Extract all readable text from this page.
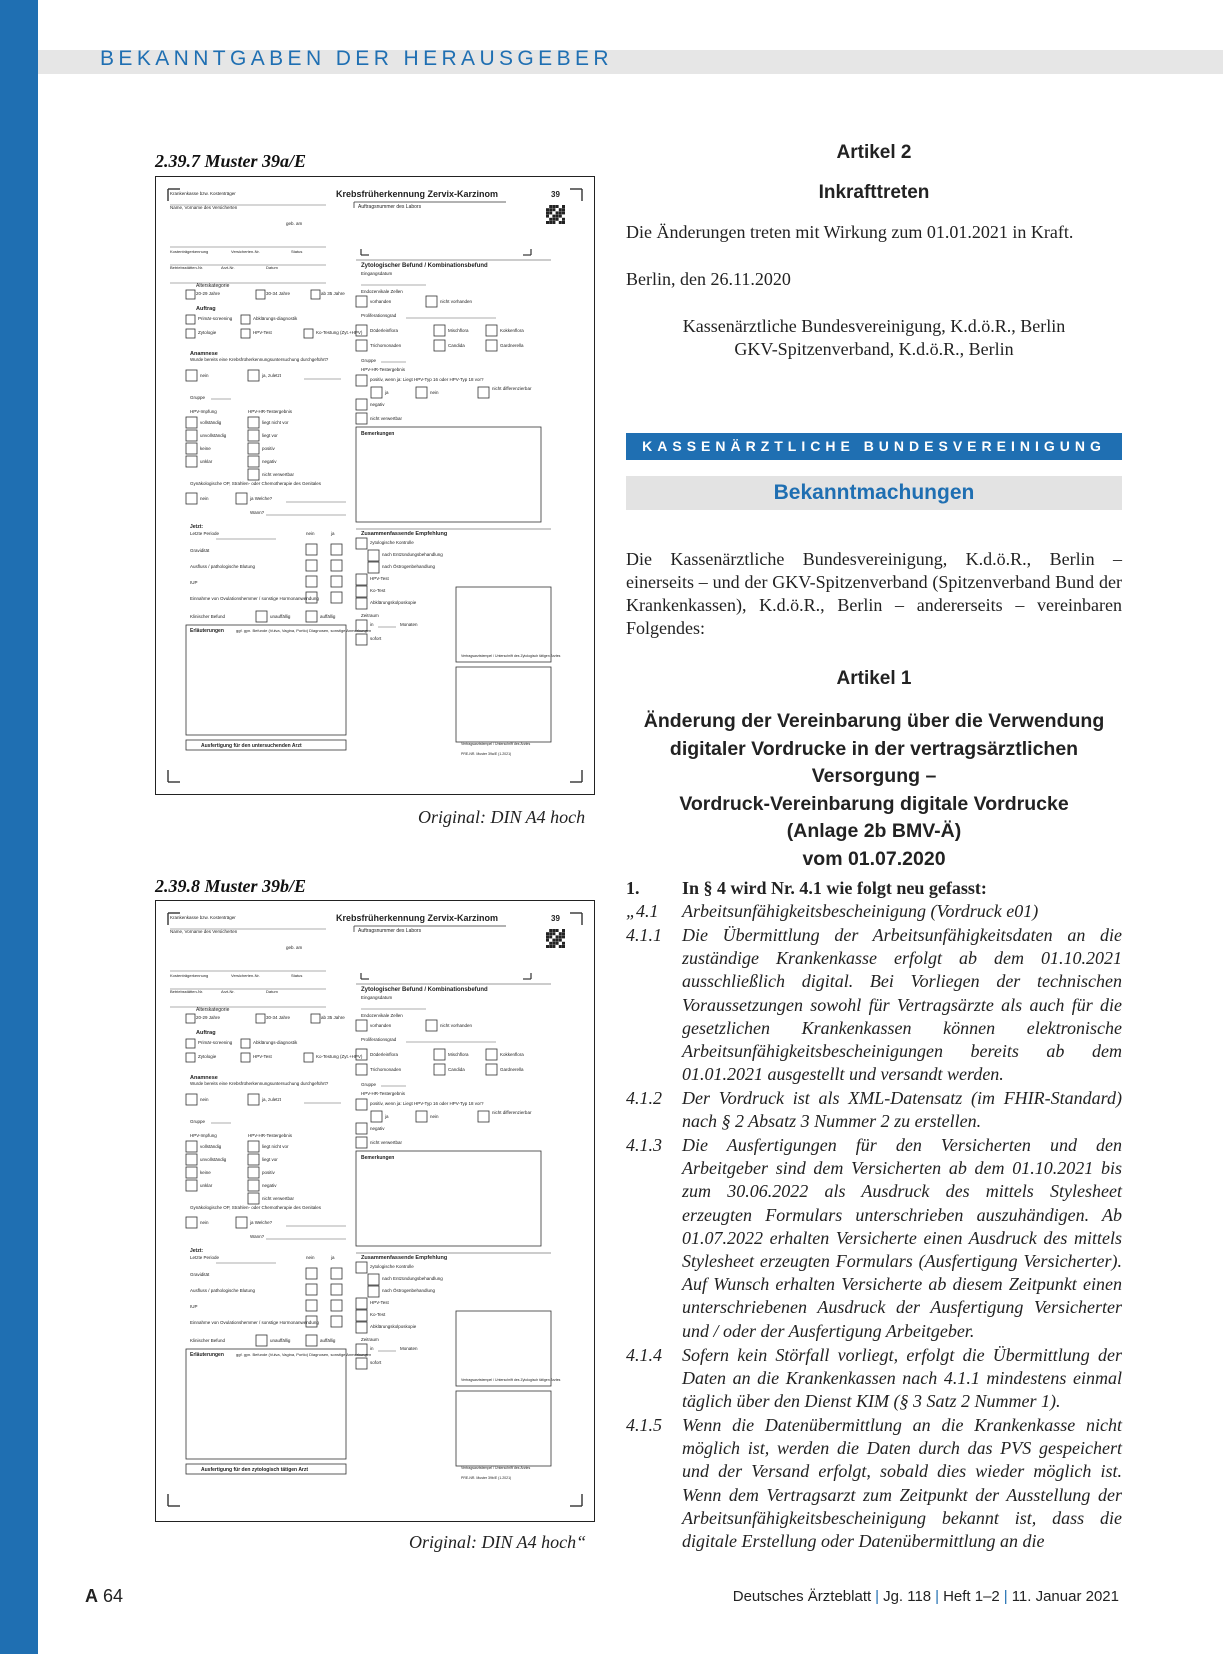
BEKANNTGABEN DER HERAUSGEBER
2.39.7 Muster 39a/E
Krankenkasse bzw. Kostenträger
Name, Vorname des Versicherten
geb. am
Kostenträgerkennung	Versicherten-Nr.	Status
Betriebsstätten-Nr.	Arzt-Nr.	Datum
Krebsfrüherkennung Zervix-Karzinom	39
Auftragsnummer des Labors
Alterskategorie
20-29 Jahre	30-34 Jahre	ab 35 Jahre
Auftrag
Primär-screening	Abklärungs-diagnostik
Zytologie	HPV-Test	Ko-Testung (Zyt.+HPV)
Anamnese
Wurde bereits eine Krebsfrüherkennungsuntersuchung durchgeführt?
nein	ja, zuletzt
Gruppe
HPV-Impfung	HPV-HR-Testergebnis
vollständig
unvollständig
keine
unklar
liegt nicht vor
liegt vor
positiv
negativ
nicht verwertbar
Gynäkologische OP, Strahlen- oder Chemotherapie des Genitales
nein	ja Welche?
Wann?
Jetzt:
Letzte Periode	nein	ja
Gravidität
Ausfluss / pathologische Blutung
IUP
Einnahme von Ovulationshemmer / sonstige Hormonanwendung
Klinischer Befund	unauffällig	auffällig
Erläuterungen	ggf. gyn. Befunde (Vulva, Vagina, Portio) Diagnosen, sonstige Anmerkungen
Ausfertigung für den untersuchenden Arzt
Zytologischer Befund / Kombinationsbefund
Eingangsdatum
Endozervikale Zellen
vorhanden	nicht vorhanden
Proliferationsgrad
Döderleinflora
Trichomonaden
Mischflora
Candida
Kokkenflora
Gardnerella
Gruppe
HPV-HR-Testergebnis
positiv, wenn ja: Liegt HPV-Typ 16 oder HPV-Typ 18 vor?
ja	nein
nicht differenzierbar
negativ
nicht verwertbar
Bemerkungen
Zusammenfassende Empfehlung
zytologische Kontrolle
nach Entzündungsbehandlung
nach Östrogenbehandlung
HPV-Test
Ko-Test
Abklärungskolposkopie
Zeitraum
in	Monaten
sofort
Vertragsarztstempel / Unterschrift des Zytologisch tätigen Arztes
Vertragsarztstempel / Unterschrift des Arztes
PRE-NR. Muster 39a/E (1.2021)
Original: DIN A4 hoch
2.39.8 Muster 39b/E
Krankenkasse bzw. Kostenträger
Name, Vorname des Versicherten
geb. am
Kostenträgerkennung	Versicherten-Nr.	Status
Betriebsstätten-Nr.	Arzt-Nr.	Datum
Krebsfrüherkennung Zervix-Karzinom	39
Auftragsnummer des Labors
Alterskategorie
20-29 Jahre	30-34 Jahre	ab 35 Jahre
Auftrag
Primär-screening	Abklärungs-diagnostik
Zytologie	HPV-Test	Ko-Testung (Zyt.+HPV)
Anamnese
Wurde bereits eine Krebsfrüherkennungsuntersuchung durchgeführt?
nein	ja, zuletzt
Gruppe
HPV-Impfung	HPV-HR-Testergebnis
vollständig
unvollständig
keine
unklar
liegt nicht vor
liegt vor
positiv
negativ
nicht verwertbar
Gynäkologische OP, Strahlen- oder Chemotherapie des Genitales
nein	ja Welche?
Wann?
Jetzt:
Letzte Periode	nein	ja
Gravidität
Ausfluss / pathologische Blutung
IUP
Einnahme von Ovulationshemmer / sonstige Hormonanwendung
Klinischer Befund	unauffällig	auffällig
Erläuterungen	ggf. gyn. Befunde (Vulva, Vagina, Portio) Diagnosen, sonstige Anmerkungen
Ausfertigung für den zytologisch tätigen Arzt
Zytologischer Befund / Kombinationsbefund
Eingangsdatum
Endozervikale Zellen
vorhanden	nicht vorhanden
Proliferationsgrad
Döderleinflora
Trichomonaden
Mischflora
Candida
Kokkenflora
Gardnerella
Gruppe
HPV-HR-Testergebnis
positiv, wenn ja: Liegt HPV-Typ 16 oder HPV-Typ 18 vor?
ja	nein
nicht differenzierbar
negativ
nicht verwertbar
Bemerkungen
Zusammenfassende Empfehlung
zytologische Kontrolle
nach Entzündungsbehandlung
nach Östrogenbehandlung
HPV-Test
Ko-Test
Abklärungskolposkopie
Zeitraum
in	Monaten
sofort
Vertragsarztstempel / Unterschrift des Zytologisch tätigen Arztes
Vertragsarztstempel / Unterschrift des Arztes
PRE-NR. Muster 39b/E (1.2021)
Original: DIN A4 hoch“
Artikel 2
Inkrafttreten
Die Änderungen treten mit Wirkung zum 01.01.2021 in Kraft.
Berlin, den 26.11.2020
Kassenärztliche Bundesvereinigung, K.d.ö.R., Berlin
GKV-Spitzenverband, K.d.ö.R., Berlin
KASSENÄRZTLICHE BUNDESVEREINIGUNG
Bekanntmachungen
Die Kassenärztliche Bundesvereinigung, K.d.ö.R., Berlin – einerseits – und der GKV-Spitzenverband (Spitzenverband Bund der Krankenkassen), K.d.ö.R., Berlin – andererseits – vereinbaren Folgendes:
Artikel 1
Änderung der Vereinbarung über die Verwendung
digitaler Vordrucke in der vertragsärztlichen Versorgung –
Vordruck-Vereinbarung digitale Vordrucke
(Anlage 2b BMV-Ä)
vom 01.07.2020
1. In § 4 wird Nr. 4.1 wie folgt neu gefasst:
„4.1 Arbeitsunfähigkeitsbescheinigung (Vordruck e01)
4.1.1 Die Übermittlung der Arbeitsunfähigkeitsdaten an die zuständige Krankenkasse erfolgt ab dem 01.10.2021 ausschließlich digital. Bei Vorliegen der technischen Voraussetzungen sowohl für Vertragsärzte als auch für die gesetzlichen Krankenkassen können elektronische Arbeitsunfähigkeitsbescheinigungen bereits ab dem 01.01.2021 ausgestellt und versandt werden.
4.1.2 Der Vordruck ist als XML-Datensatz (im FHIR-Standard) nach § 2 Absatz 3 Nummer 2 zu erstellen.
4.1.3 Die Ausfertigungen für den Versicherten und den Arbeitgeber sind dem Versicherten ab dem 01.10.2021 bis zum 30.06.2022 als Ausdruck des mittels Stylesheet erzeugten Formulars unterschrieben auszuhändigen. Ab 01.07.2022 erhalten Versicherte einen Ausdruck des mittels Stylesheet erzeugten Formulars (Ausfertigung Versicherter). Auf Wunsch erhalten Versicherte ab diesem Zeitpunkt einen unterschriebenen Ausdruck der Ausfertigung Versicherter und / oder der Ausfertigung Arbeitgeber.
4.1.4 Sofern kein Störfall vorliegt, erfolgt die Übermittlung der Daten an die Krankenkassen nach 4.1.1 mindestens einmal täglich über den Dienst KIM (§ 3 Satz 2 Nummer 1).
4.1.5 Wenn die Datenübermittlung an die Krankenkasse nicht möglich ist, werden die Daten durch das PVS gespeichert und der Versand erfolgt, sobald dies wieder möglich ist. Wenn dem Vertragsarzt zum Zeitpunkt der Ausstellung der Arbeitsunfähigkeitsbescheinigung bekannt ist, dass die digitale Erstellung oder Datenübermittlung an die
A 64	Deutsches Ärzteblatt | Jg. 118 | Heft 1–2 | 11. Januar 2021
